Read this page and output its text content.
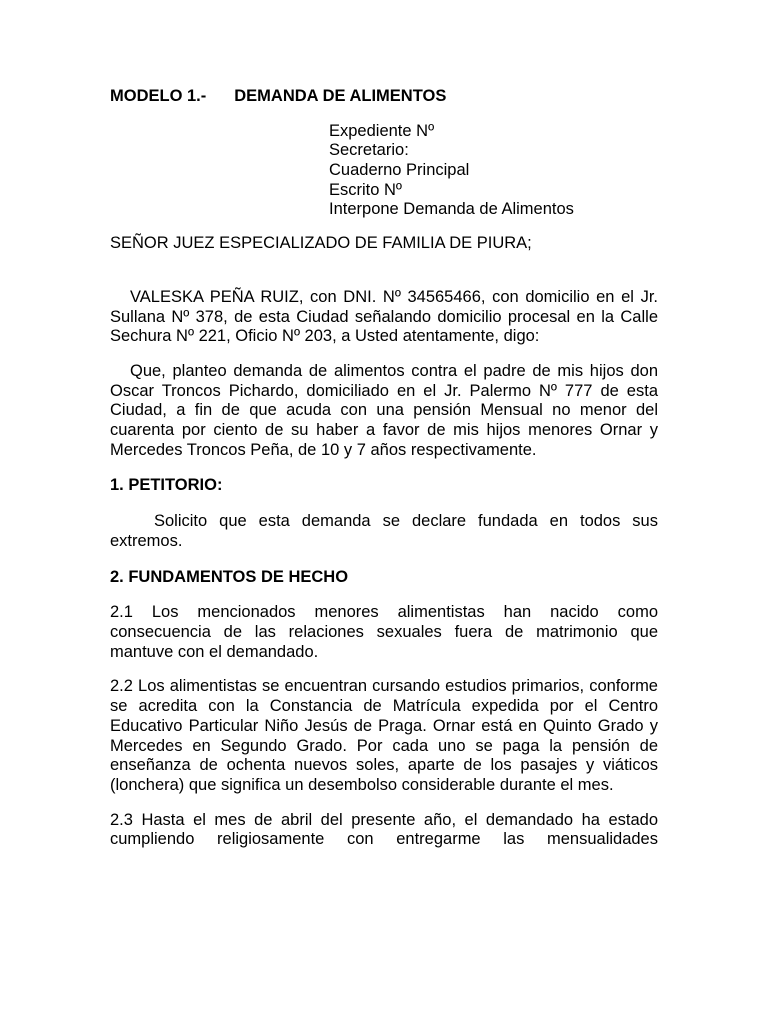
MODELO 1.- DEMANDA DE ALIMENTOS
Expediente Nº
Secretario:
Cuaderno Principal
Escrito Nº
Interpone Demanda de Alimentos
SEÑOR JUEZ ESPECIALIZADO DE FAMILIA DE PIURA;

VALESKA PEÑA RUIZ, con DNI. Nº 34565466, con domicilio en el Jr. Sullana Nº 378, de esta Ciudad señalando domicilio procesal en la Calle Sechura Nº 221, Oficio Nº 203, a Usted atentamente, digo:

Que, planteo demanda de alimentos contra el padre de mis hijos don Oscar Troncos Pichardo, domiciliado en el Jr. Palermo Nº 777 de esta Ciudad, a fin de que acuda con una pensión Mensual no menor del cuarenta por ciento de su haber a favor de mis hijos menores Ornar y Mercedes Troncos Peña, de 10 y 7 años respectivamente.

1. PETITORIO:

Solicito que esta demanda se declare fundada en todos sus extremos.

2. FUNDAMENTOS DE HECHO

2.1 Los mencionados menores alimentistas han nacido como consecuencia de las relaciones sexuales fuera de matrimonio que mantuve con el demandado.

2.2 Los alimentistas se encuentran cursando estudios primarios, conforme se acredita con la Constancia de Matrícula expedida por el Centro Educativo Particular Niño Jesús de Praga. Ornar está en Quinto Grado y Mercedes en Segundo Grado. Por cada uno se paga la pensión de enseñanza de ochenta nuevos soles, aparte de los pasajes y viáticos (lonchera) que significa un desembolso considerable durante el mes.

2.3 Hasta el mes de abril del presente año, el demandado ha estado cumpliendo religiosamente con entregarme las mensualidades
